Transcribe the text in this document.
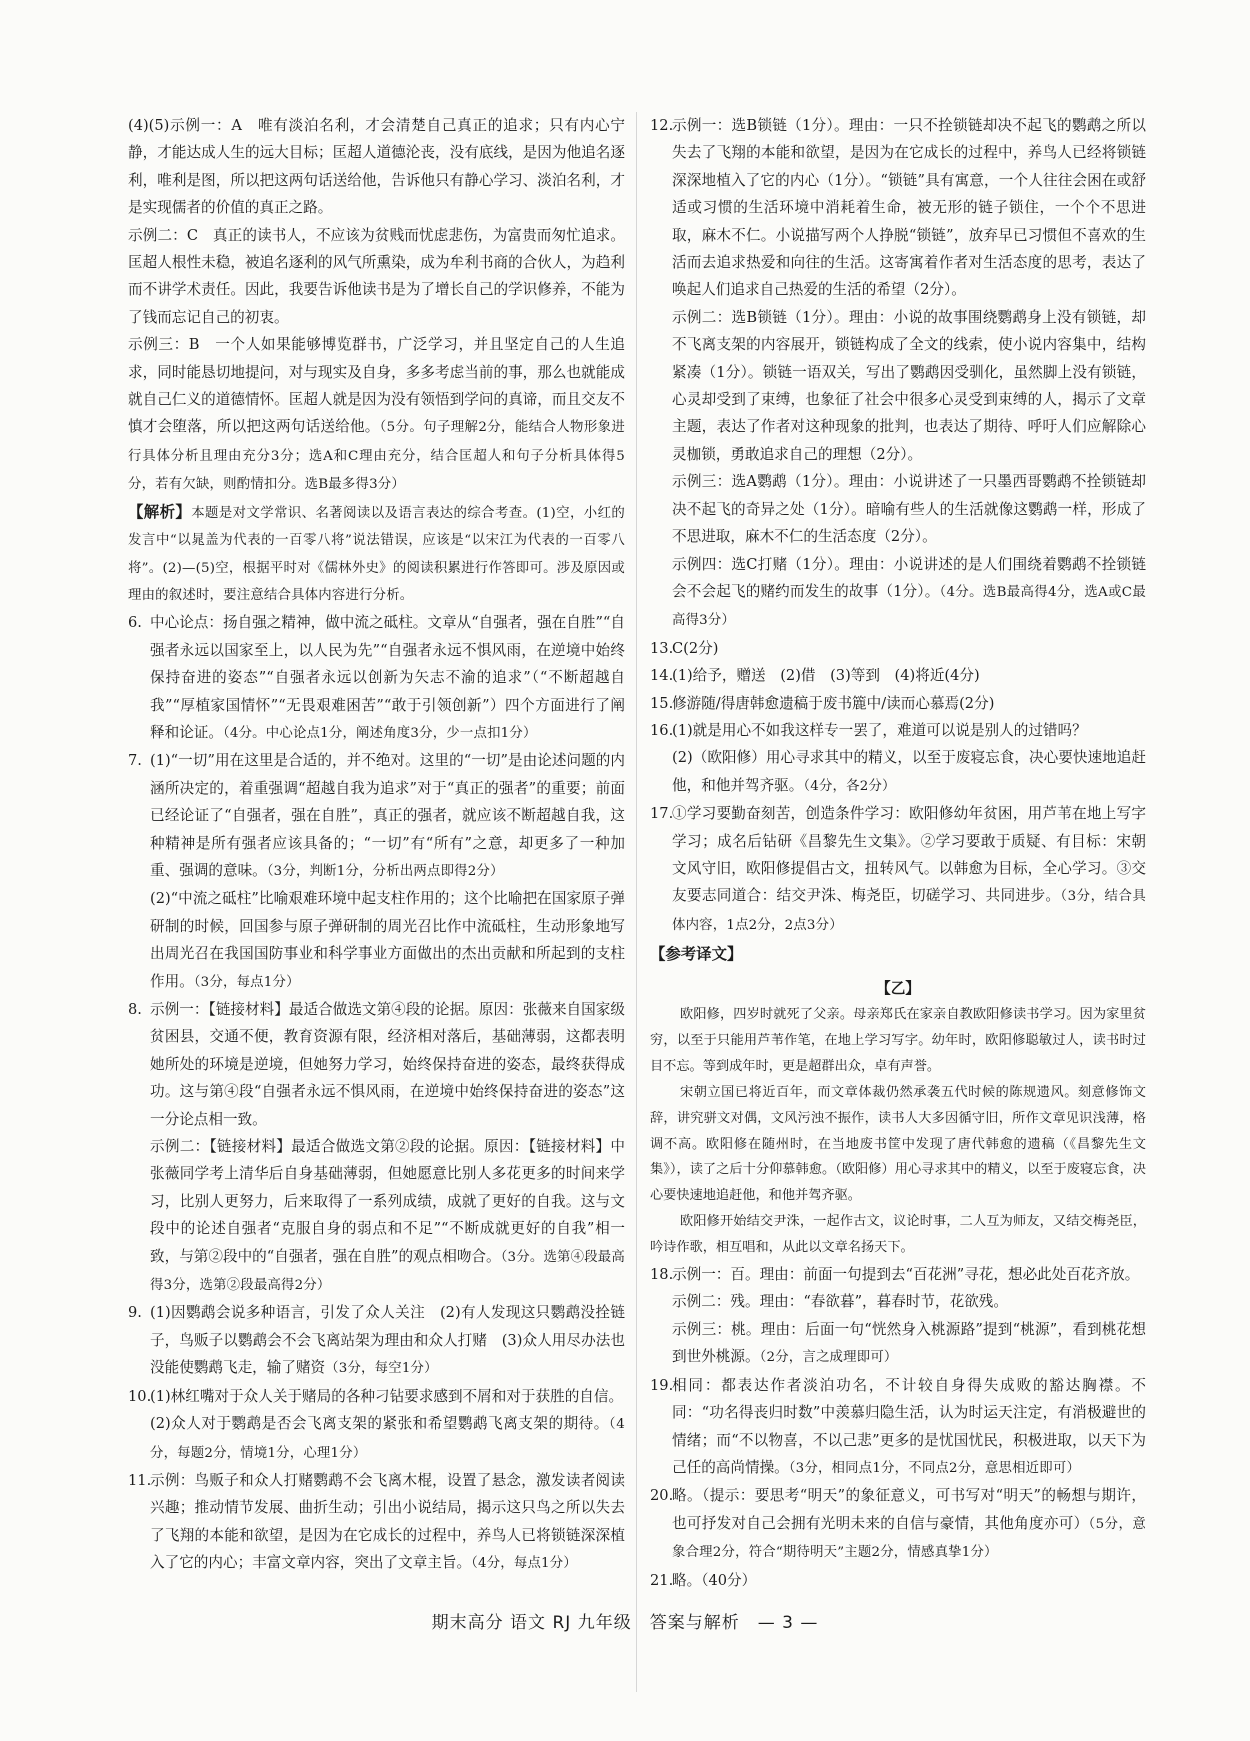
(4)(5)示例一：A　唯有淡泊名利，才会清楚自己真正的追求；只有内心宁静，才能达成人生的远大目标；匡超人道德沦丧，没有底线，是因为他追名逐利，唯利是图，所以把这两句话送给他，告诉他只有静心学习、淡泊名利，才是实现儒者的价值的真正之路。

示例二：C　真正的读书人，不应该为贫贱而忧虑悲伤，为富贵而匆忙追求。匡超人根性未稳，被追名逐利的风气所熏染，成为牟利书商的合伙人，为趋利而不讲学术责任。因此，我要告诉他读书是为了增长自己的学识修养，不能为了钱而忘记自己的初衷。

示例三：B　一个人如果能够博览群书，广泛学习，并且坚定自己的人生追求，同时能恳切地提问，对与现实及自身，多多考虑当前的事，那么也就能成就自己仁义的道德情怀。匡超人就是因为没有领悟到学问的真谛，而且交友不慎才会堕落，所以把这两句话送给他。（5分。句子理解2分，能结合人物形象进行具体分析且理由充分3分；选A和C理由充分，结合匡超人和句子分析具体得5分，若有欠缺，则酌情扣分。选B最多得3分）

【解析】本题是对文学常识、名著阅读以及语言表达的综合考查。(1)空，小红的发言中“以晁盖为代表的一百零八将”说法错误，应该是“以宋江为代表的一百零八将”。(2)—(5)空，根据平时对《儒林外史》的阅读积累进行作答即可。涉及原因或理由的叙述时，要注意结合具体内容进行分析。

6. 中心论点：扬自强之精神，做中流之砥柱。文章从“自强者，强在自胜”“自强者永远以国家至上，以人民为先”“自强者永远不惧风雨，在逆境中始终保持奋进的姿态”“自强者永远以创新为矢志不渝的追求”（“不断超越自我”“厚植家国情怀”“无畏艰难困苦”“敢于引领创新”）四个方面进行了阐释和论证。（4分。中心论点1分，阐述角度3分，少一点扣1分）

7. (1)“一切”用在这里是合适的，并不绝对。这里的“一切”是由论述问题的内涵所决定的，着重强调“超越自我为追求”对于“真正的强者”的重要；前面已经论证了“自强者，强在自胜”，真正的强者，就应该不断超越自我，这种精神是所有强者应该具备的；“一切”有“所有”之意，却更多了一种加重、强调的意味。（3分，判断1分，分析出两点即得2分）

(2)“中流之砥柱”比喻艰难环境中起支柱作用的；这个比喻把在国家原子弹研制的时候，回国参与原子弹研制的周光召比作中流砥柱，生动形象地写出周光召在我国国防事业和科学事业方面做出的杰出贡献和所起到的支柱作用。（3分，每点1分）

8. 示例一：【链接材料】最适合做选文第④段的论据。原因：张薇来自国家级贫困县，交通不便，教育资源有限，经济相对落后，基础薄弱，这都表明她所处的环境是逆境，但她努力学习，始终保持奋进的姿态，最终获得成功。这与第④段“自强者永远不惧风雨，在逆境中始终保持奋进的姿态”这一分论点相一致。

示例二：【链接材料】最适合做选文第②段的论据。原因：【链接材料】中张薇同学考上清华后自身基础薄弱，但她愿意比别人多花更多的时间来学习，比别人更努力，后来取得了一系列成绩，成就了更好的自我。这与文段中的论述自强者“克服自身的弱点和不足”“不断成就更好的自我”相一致，与第②段中的“自强者，强在自胜”的观点相吻合。（3分。选第④段最高得3分，选第②段最高得2分）

9. (1)因鹦鹉会说多种语言，引发了众人关注　(2)有人发现这只鹦鹉没拴链子，鸟贩子以鹦鹉会不会飞离站架为理由和众人打赌　(3)众人用尽办法也没能使鹦鹉飞走，输了赌资（3分，每空1分）

10.

(1)林红嘴对于众人关于赌局的各种刁钻要求感到不屑和对于获胜的自信。

(2)众人对于鹦鹉是否会飞离支架的紧张和希望鹦鹉飞离支架的期待。（4分，每题2分，情境1分，心理1分）

11.

示例：鸟贩子和众人打赌鹦鹉不会飞离木棍，设置了悬念，激发读者阅读兴趣；推动情节发展、曲折生动；引出小说结局，揭示这只鸟之所以失去了飞翔的本能和欲望，是因为在它成长的过程中，养鸟人已将锁链深深植入了它的内心；丰富文章内容，突出了文章主旨。（4分，每点1分）

12.

示例一：选B锁链（1分）。理由：一只不拴锁链却决不起飞的鹦鹉之所以失去了飞翔的本能和欲望，是因为在它成长的过程中，养鸟人已经将锁链深深地植入了它的内心（1分）。“锁链”具有寓意，一个人往往会困在或舒适或习惯的生活环境中消耗着生命，被无形的链子锁住，一个个不思进取，麻木不仁。小说描写两个人挣脱“锁链”，放弃早已习惯但不喜欢的生活而去追求热爱和向往的生活。这寄寓着作者对生活态度的思考，表达了唤起人们追求自己热爱的生活的希望（2分）。

示例二：选B锁链（1分）。理由：小说的故事围绕鹦鹉身上没有锁链，却不飞离支架的内容展开，锁链构成了全文的线索，使小说内容集中，结构紧凑（1分）。锁链一语双关，写出了鹦鹉因受驯化，虽然脚上没有锁链，心灵却受到了束缚，也象征了社会中很多心灵受到束缚的人，揭示了文章主题，表达了作者对这种现象的批判，也表达了期待、呼吁人们应解除心灵枷锁，勇敢追求自己的理想（2分）。

示例三：选A鹦鹉（1分）。理由：小说讲述了一只墨西哥鹦鹉不拴锁链却决不起飞的奇异之处（1分）。暗喻有些人的生活就像这鹦鹉一样，形成了不思进取，麻木不仁的生活态度（2分）。

示例四：选C打赌（1分）。理由：小说讲述的是人们围绕着鹦鹉不拴锁链会不会起飞的赌约而发生的故事（1分）。（4分。选B最高得4分，选A或C最高得3分）

13.

C(2分)

14.

(1)给予，赠送　(2)借　(3)等到　(4)将近(4分)

15.

修游随/得唐韩愈遗稿于废书簏中/读而心慕焉(2分)

16.

(1)就是用心不如我这样专一罢了，难道可以说是别人的过错吗？

(2)（欧阳修）用心寻求其中的精义，以至于废寝忘食，决心要快速地追赶他，和他并驾齐驱。（4分，各2分）

17.

①学习要勤奋刻苦，创造条件学习：欧阳修幼年贫困，用芦苇在地上写字学习；成名后钻研《昌黎先生文集》。②学习要敢于质疑、有目标：宋朝文风守旧，欧阳修提倡古文，扭转风气。以韩愈为目标，全心学习。③交友要志同道合：结交尹洙、梅尧臣，切磋学习、共同进步。（3分，结合具体内容，1点2分，2点3分）

【参考译文】
【乙】

欧阳修，四岁时就死了父亲。母亲郑氏在家亲自教欧阳修读书学习。因为家里贫穷，以至于只能用芦苇作笔，在地上学习写字。幼年时，欧阳修聪敏过人，读书时过目不忘。等到成年时，更是超群出众，卓有声誉。

宋朝立国已将近百年，而文章体裁仍然承袭五代时候的陈规遗风。刻意修饰文辞，讲究骈文对偶，文风污浊不振作，读书人大多因循守旧，所作文章见识浅薄，格调不高。欧阳修在随州时，在当地废书筐中发现了唐代韩愈的遗稿（《昌黎先生文集》），读了之后十分仰慕韩愈。（欧阳修）用心寻求其中的精义，以至于废寝忘食，决心要快速地追赶他，和他并驾齐驱。

欧阳修开始结交尹洙，一起作古文，议论时事，二人互为师友，又结交梅尧臣，吟诗作歌，相互唱和，从此以文章名扬天下。

18.

示例一：百。理由：前面一句提到去“百花洲”寻花，想必此处百花齐放。

示例二：残。理由：“春欲暮”，暮春时节，花欲残。

示例三：桃。理由：后面一句“恍然身入桃源路”提到“桃源”，看到桃花想到世外桃源。（2分，言之成理即可）

19.

相同：都表达作者淡泊功名，不计较自身得失成败的豁达胸襟。不同：“功名得丧归时数”中羡慕归隐生活，认为时运天注定，有消极避世的情绪；而“不以物喜，不以己悲”更多的是忧国忧民，积极进取，以天下为己任的高尚情操。（3分，相同点1分，不同点2分，意思相近即可）

20.

略。（提示：要思考“明天”的象征意义，可书写对“明天”的畅想与期许，也可抒发对自己会拥有光明未来的自信与豪情，其他角度亦可）（5分，意象合理2分，符合“期待明天”主题2分，情感真挚1分）

21.

略。（40分）

期末高分 语文 RJ 九年级　答案与解析　— 3 —
